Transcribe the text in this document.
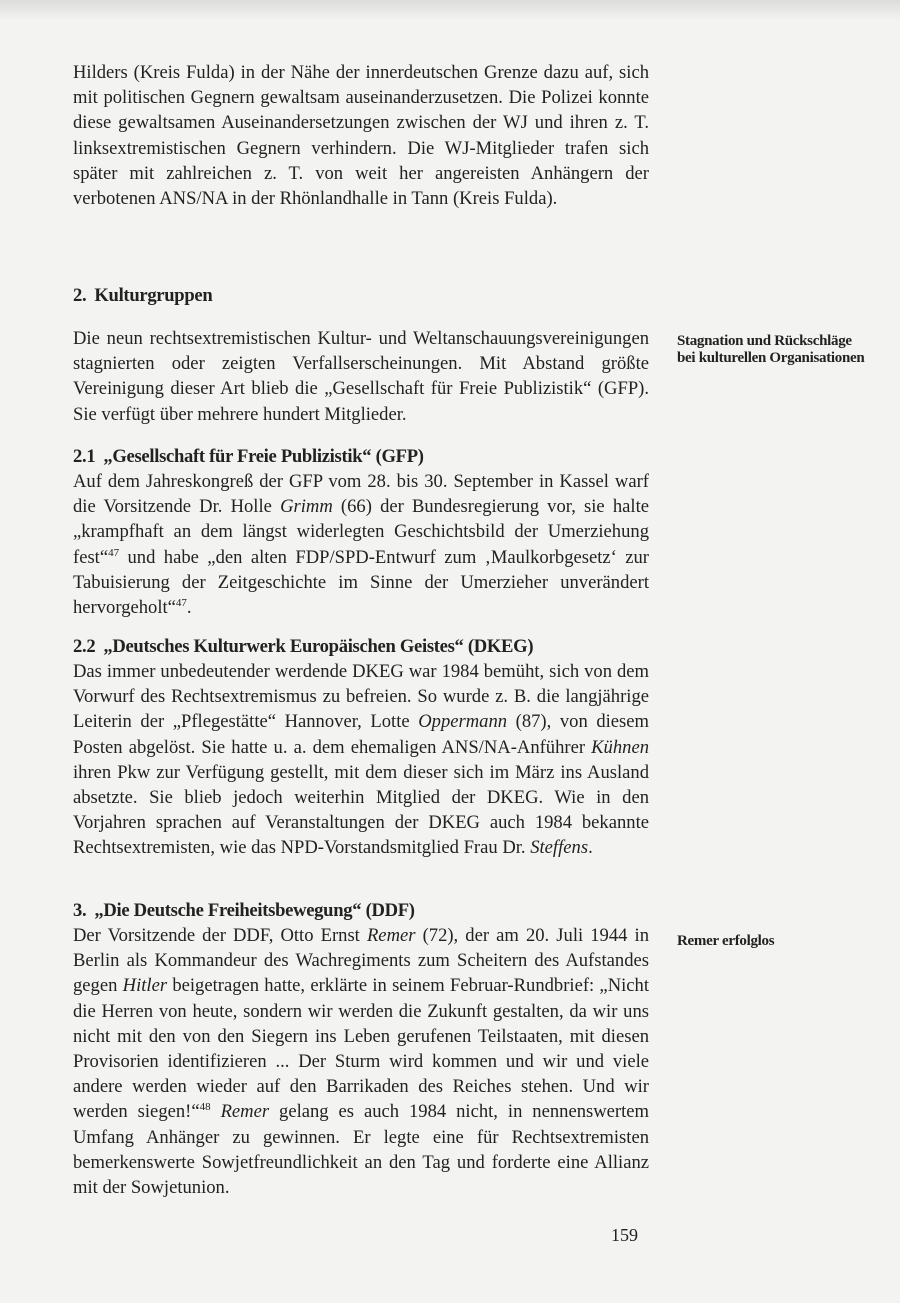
Hilders (Kreis Fulda) in der Nähe der innerdeutschen Grenze dazu auf, sich mit politischen Gegnern gewaltsam auseinanderzusetzen. Die Polizei konnte diese gewaltsamen Auseinandersetzungen zwischen der WJ und ihren z. T. linksextremistischen Gegnern verhindern. Die WJ-Mitglieder trafen sich später mit zahlreichen z. T. von weit her angereisten Anhängern der verbotenen ANS/NA in der Rhönlandhalle in Tann (Kreis Fulda).

2. Kulturgruppen

Stagnation und Rückschläge bei kulturellen Organisationen

Die neun rechtsextremistischen Kultur- und Weltanschauungsvereinigungen stagnierten oder zeigten Verfallserscheinungen. Mit Abstand größte Vereinigung dieser Art blieb die „Gesellschaft für Freie Publizistik“ (GFP). Sie verfügt über mehrere hundert Mitglieder.

2.1 „Gesellschaft für Freie Publizistik“ (GFP)

Auf dem Jahreskongreß der GFP vom 28. bis 30. September in Kassel warf die Vorsitzende Dr. Holle Grimm (66) der Bundesregierung vor, sie halte „krampfhaft an dem längst widerlegten Geschichtsbild der Umerziehung fest“$^{47}$ und habe „den alten FDP/SPD-Entwurf zum ‚Maulkorbgesetz‘ zur Tabuisierung der Zeitgeschichte im Sinne der Umerzieher unverändert hervorgeholt“$^{47}$.

2.2 „Deutsches Kulturwerk Europäischen Geistes“ (DKEG)

Das immer unbedeutender werdende DKEG war 1984 bemüht, sich von dem Vorwurf des Rechtsextremismus zu befreien. So wurde z. B. die langjährige Leiterin der „Pflegestätte“ Hannover, Lotte Oppermann (87), von diesem Posten abgelöst. Sie hatte u. a. dem ehemaligen ANS/NA-Anführer Kühnen ihren Pkw zur Verfügung gestellt, mit dem dieser sich im März ins Ausland absetzte. Sie blieb jedoch weiterhin Mitglied der DKEG. Wie in den Vorjahren sprachen auf Veranstaltungen der DKEG auch 1984 bekannte Rechtsextremisten, wie das NPD-Vorstandsmitglied Frau Dr. Steffens.

3. „Die Deutsche Freiheitsbewegung“ (DDF)

Remer erfolglos

Der Vorsitzende der DDF, Otto Ernst Remer (72), der am 20. Juli 1944 in Berlin als Kommandeur des Wachregiments zum Scheitern des Aufstandes gegen Hitler beigetragen hatte, erklärte in seinem Februar-Rundbrief: „Nicht die Herren von heute, sondern wir werden die Zukunft gestalten, da wir uns nicht mit den von den Siegern ins Leben gerufenen Teilstaaten, mit diesen Provisorien identifizieren ... Der Sturm wird kommen und wir und viele andere werden wieder auf den Barrikaden des Reiches stehen. Und wir werden siegen!“$^{48}$ Remer gelang es auch 1984 nicht, in nennenswertem Umfang Anhänger zu gewinnen. Er legte eine für Rechtsextremisten bemerkenswerte Sowjetfreundlichkeit an den Tag und forderte eine Allianz mit der Sowjetunion.

159
